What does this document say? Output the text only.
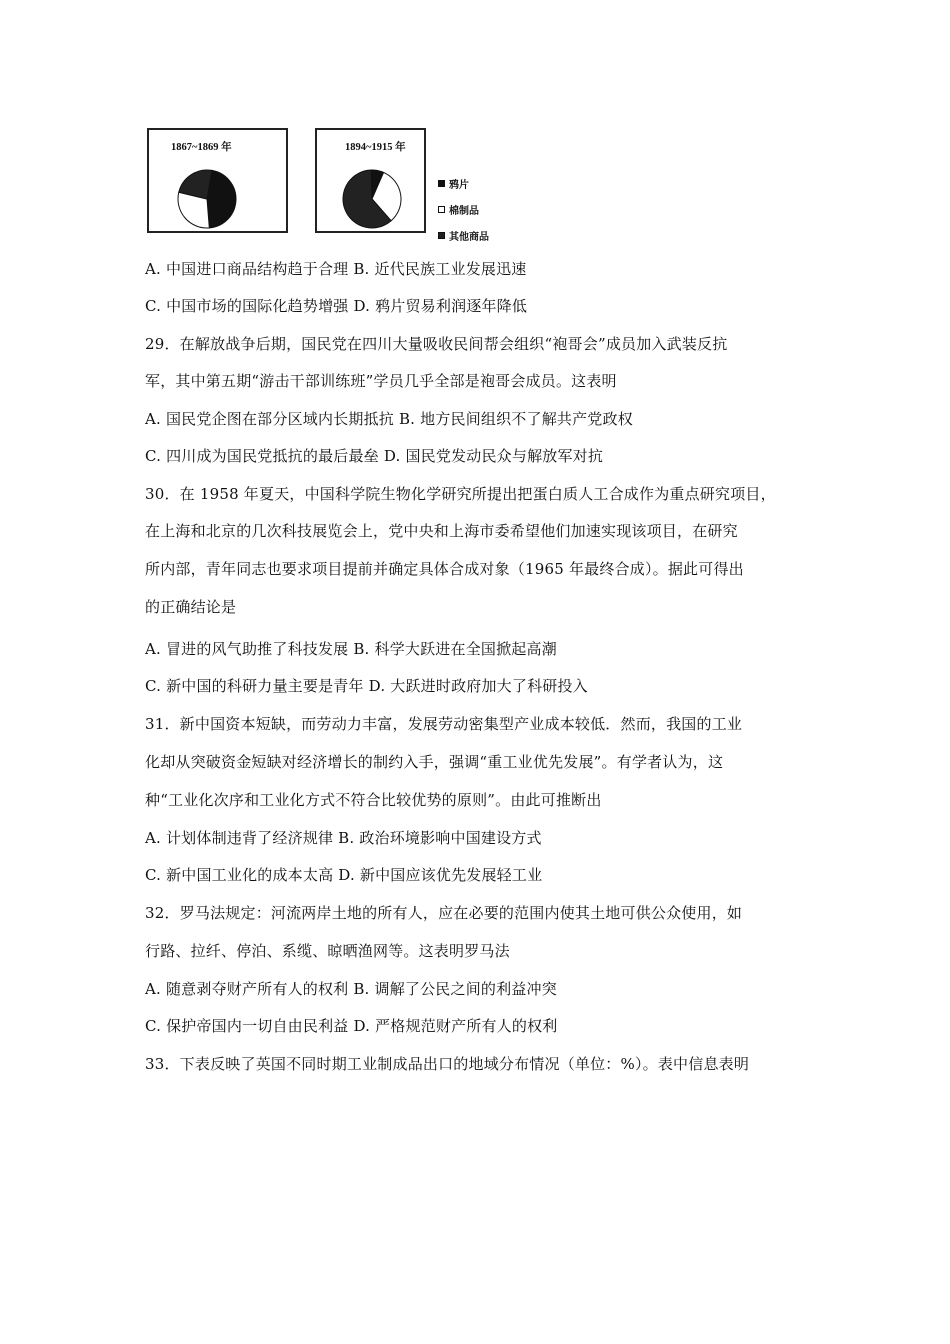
1867~1869 年	1894~1915 年
鸦片
棉制品
其他商品
A. 中国进口商品结构趋于合理 B. 近代民族工业发展迅速
C. 中国市场的国际化趋势增强 D. 鸦片贸易利润逐年降低
29．在解放战争后期，国民党在四川大量吸收民间帮会组织“袍哥会”成员加入武装反抗
军，其中第五期“游击干部训练班”学员几乎全部是袍哥会成员。这表明
A. 国民党企图在部分区域内长期抵抗 B. 地方民间组织不了解共产党政权
C. 四川成为国民党抵抗的最后最垒 D. 国民党发动民众与解放军对抗
30．在 1958 年夏天，中国科学院生物化学研究所提出把蛋白质人工合成作为重点研究项目，
在上海和北京的几次科技展览会上，党中央和上海市委希望他们加速实现该项目，在研究
所内部，青年同志也要求项目提前并确定具体合成对象（1965 年最终合成）。据此可得出
的正确结论是
A. 冒进的风气助推了科技发展 B. 科学大跃进在全国掀起高潮
C. 新中国的科研力量主要是青年 D. 大跃进时政府加大了科研投入
31．新中国资本短缺，而劳动力丰富，发展劳动密集型产业成本较低．然而，我国的工业
化却从突破资金短缺对经济增长的制约入手，强调“重工业优先发展”。有学者认为，这
种“工业化次序和工业化方式不符合比较优势的原则”。由此可推断出
A. 计划体制违背了经济规律 B. 政治环境影响中国建设方式
C. 新中国工业化的成本太高 D. 新中国应该优先发展轻工业
32．罗马法规定：河流两岸土地的所有人，应在必要的范围内使其土地可供公众使用，如
行路、拉纤、停泊、系缆、晾晒渔网等。这表明罗马法
A. 随意剥夺财产所有人的权利 B. 调解了公民之间的利益冲突
C. 保护帝国内一切自由民利益 D. 严格规范财产所有人的权利
33．下表反映了英国不同时期工业制成品出口的地域分布情况（单位：%）。表中信息表明
